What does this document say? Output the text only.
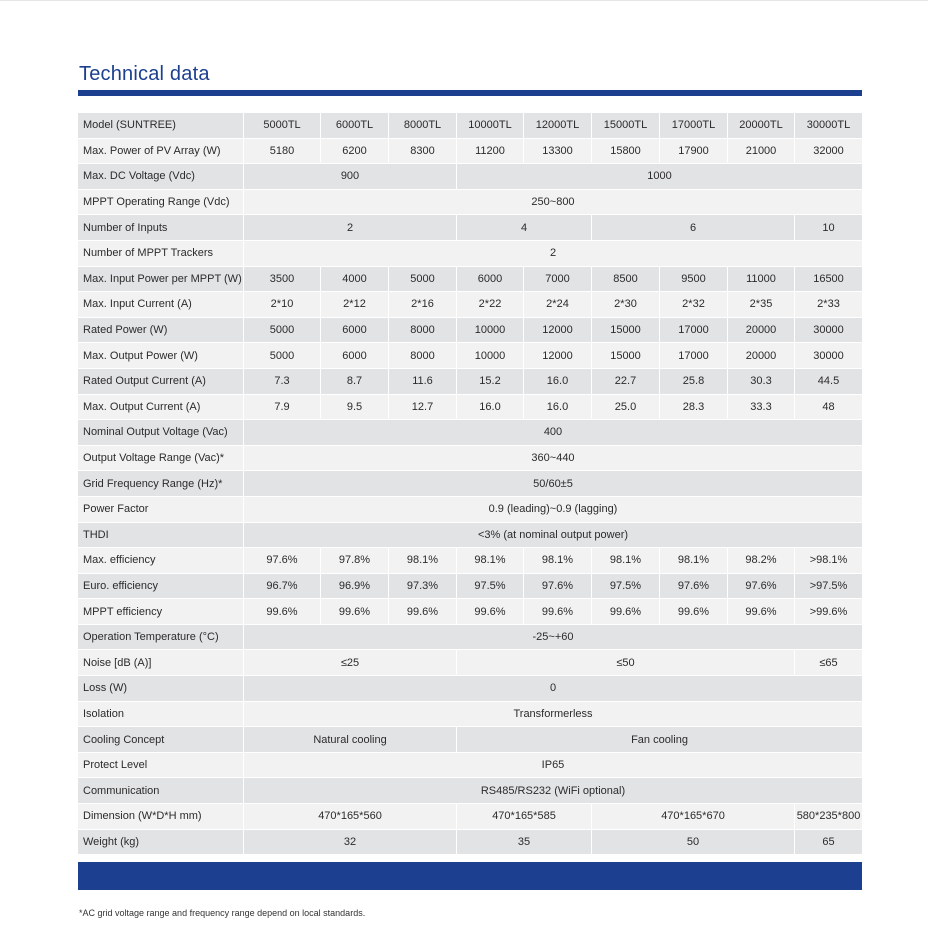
Technical data
Model (SUNTREE)	5000TL	6000TL	8000TL	10000TL	12000TL	15000TL	17000TL	20000TL	30000TL
Max. Power of PV Array (W)	5180	6200	8300	11200	13300	15800	17900	21000	32000
Max. DC Voltage (Vdc)	900			1000					
MPPT Operating Range (Vdc)	250~800								
Number of Inputs	2			4		6			10
Number of MPPT Trackers	2								
Max. Input Power per MPPT (W)	3500	4000	5000	6000	7000	8500	9500	11000	16500
Max. Input Current (A)	2*10	2*12	2*16	2*22	2*24	2*30	2*32	2*35	2*33
Rated Power (W)	5000	6000	8000	10000	12000	15000	17000	20000	30000
Max. Output Power (W)	5000	6000	8000	10000	12000	15000	17000	20000	30000
Rated Output Current (A)	7.3	8.7	11.6	15.2	16.0	22.7	25.8	30.3	44.5
Max. Output Current (A)	7.9	9.5	12.7	16.0	16.0	25.0	28.3	33.3	48
Nominal Output Voltage (Vac)	400								
Output Voltage Range (Vac)*	360~440								
Grid Frequency Range (Hz)*	50/60±5								
Power Factor	0.9 (leading)~0.9 (lagging)								
THDI	<3% (at nominal output power)								
Max. efficiency	97.6%	97.8%	98.1%	98.1%	98.1%	98.1%	98.1%	98.2%	>98.1%
Euro. efficiency	96.7%	96.9%	97.3%	97.5%	97.6%	97.5%	97.6%	97.6%	>97.5%
MPPT efficiency	99.6%	99.6%	99.6%	99.6%	99.6%	99.6%	99.6%	99.6%	>99.6%
Operation Temperature (°C)	-25~+60								
Noise [dB (A)]	≤25			≤50					≤65
Loss (W)	0								
Isolation	Transformerless								
Cooling Concept	Natural cooling			Fan cooling					
Protect Level	IP65								
Communication	RS485/RS232 (WiFi optional)								
Dimension (W*D*H mm)	470*165*560			470*165*585		470*165*670			580*235*800
Weight (kg)	32			35		50			65
*AC grid voltage range and frequency range depend on local standards.
